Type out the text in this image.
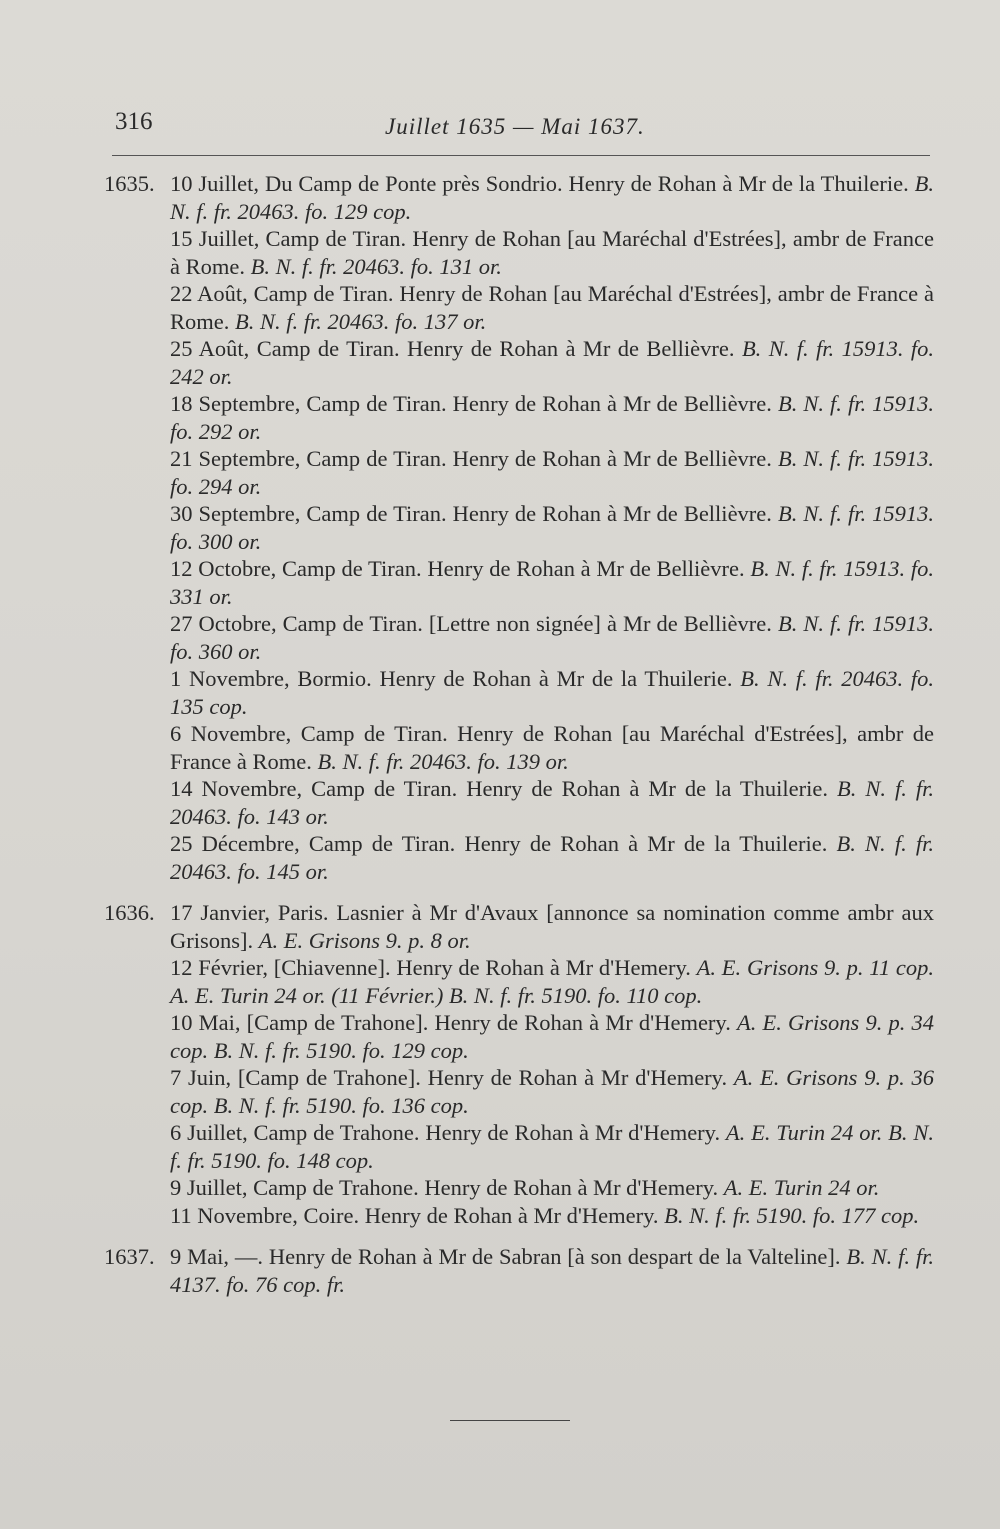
316	Juillet 1635 — Mai 1637.

1635. 10 Juillet, Du Camp de Ponte près Sondrio. Henry de Rohan à Mr de la Thuilerie. B. N. f. fr. 20463. fo. 129 cop.

15 Juillet, Camp de Tiran. Henry de Rohan [au Maréchal d'Estrées], ambr de France à Rome. B. N. f. fr. 20463. fo. 131 or.

22 Août, Camp de Tiran. Henry de Rohan [au Maréchal d'Estrées], ambr de France à Rome. B. N. f. fr. 20463. fo. 137 or.

25 Août, Camp de Tiran. Henry de Rohan à Mr de Bellièvre. B. N. f. fr. 15913. fo. 242 or.

18 Septembre, Camp de Tiran. Henry de Rohan à Mr de Bellièvre. B. N. f. fr. 15913. fo. 292 or.

21 Septembre, Camp de Tiran. Henry de Rohan à Mr de Bellièvre. B. N. f. fr. 15913. fo. 294 or.

30 Septembre, Camp de Tiran. Henry de Rohan à Mr de Bellièvre. B. N. f. fr. 15913. fo. 300 or.

12 Octobre, Camp de Tiran. Henry de Rohan à Mr de Bellièvre. B. N. f. fr. 15913. fo. 331 or.

27 Octobre, Camp de Tiran. [Lettre non signée] à Mr de Bellièvre. B. N. f. fr. 15913. fo. 360 or.

1 Novembre, Bormio. Henry de Rohan à Mr de la Thuilerie. B. N. f. fr. 20463. fo. 135 cop.

6 Novembre, Camp de Tiran. Henry de Rohan [au Maréchal d'Estrées], ambr de France à Rome. B. N. f. fr. 20463. fo. 139 or.

14 Novembre, Camp de Tiran. Henry de Rohan à Mr de la Thuilerie. B. N. f. fr. 20463. fo. 143 or.

25 Décembre, Camp de Tiran. Henry de Rohan à Mr de la Thuilerie. B. N. f. fr. 20463. fo. 145 or.

1636. 17 Janvier, Paris. Lasnier à Mr d'Avaux [annonce sa nomination comme ambr aux Grisons]. A. E. Grisons 9. p. 8 or.

12 Février, [Chiavenne]. Henry de Rohan à Mr d'Hemery. A. E. Grisons 9. p. 11 cop. A. E. Turin 24 or. (11 Février.) B. N. f. fr. 5190. fo. 110 cop.

10 Mai, [Camp de Trahone]. Henry de Rohan à Mr d'Hemery. A. E. Grisons 9. p. 34 cop. B. N. f. fr. 5190. fo. 129 cop.

7 Juin, [Camp de Trahone]. Henry de Rohan à Mr d'Hemery. A. E. Grisons 9. p. 36 cop. B. N. f. fr. 5190. fo. 136 cop.

6 Juillet, Camp de Trahone. Henry de Rohan à Mr d'Hemery. A. E. Turin 24 or. B. N. f. fr. 5190. fo. 148 cop.

9 Juillet, Camp de Trahone. Henry de Rohan à Mr d'Hemery. A. E. Turin 24 or.

11 Novembre, Coire. Henry de Rohan à Mr d'Hemery. B. N. f. fr. 5190. fo. 177 cop.

1637. 9 Mai, —. Henry de Rohan à Mr de Sabran [à son despart de la Valteline]. B. N. f. fr. 4137. fo. 76 cop. fr.
